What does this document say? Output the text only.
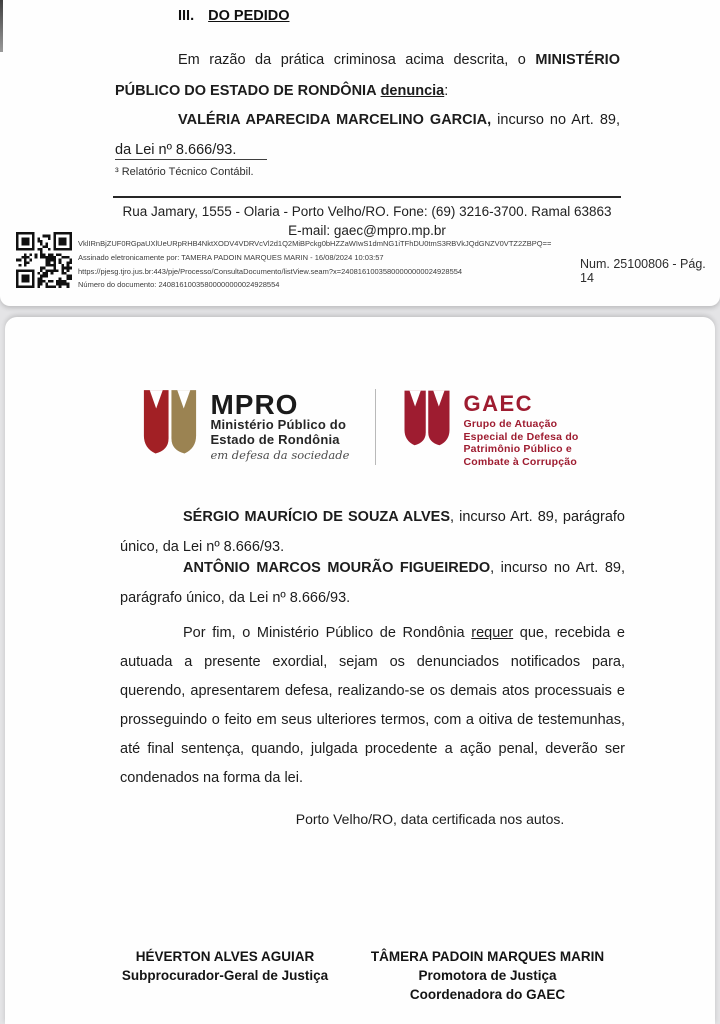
III. DO PEDIDO

Em razão da prática criminosa acima descrita, o MINISTÉRIO PÚBLICO DO ESTADO DE RONDÔNIA denuncia:

VALÉRIA APARECIDA MARCELINO GARCIA, incurso no Art. 89, da Lei nº 8.666/93.

³ Relatório Técnico Contábil.
Rua Jamary, 1555 - Olaria - Porto Velho/RO. Fone: (69) 3216-3700. Ramal 63863
E-mail: gaec@mpro.mp.br
VklIRnBjZUF0RGpaUXlUeURpRHB4NktXODV4VDRVcVl2d1Q2MiBPckg0bHZZaWIwS1dmNG1iTFhDU0tmS3RBVkJQdGNZV0VTZ2ZBPQ==
Assinado eletronicamente por: TAMERA PADOIN MARQUES MARIN - 16/08/2024 10:03:57
https://pjesg.tjro.jus.br:443/pje/Processo/ConsultaDocumento/listView.seam?x=24081610035800000000024928554
Número do documento: 24081610035800000000024928554
Num. 25100806 - Pág. 14
MPRO
Ministério Público do
Estado de Rondônia
em defesa da sociedade
GAEC
Grupo de Atuação
Especial de Defesa do
Patrimônio Público e
Combate à Corrupção

SÉRGIO MAURÍCIO DE SOUZA ALVES, incurso Art. 89, parágrafo único, da Lei nº 8.666/93.

ANTÔNIO MARCOS MOURÃO FIGUEIREDO, incurso no Art. 89, parágrafo único, da Lei nº 8.666/93.

Por fim, o Ministério Público de Rondônia requer que, recebida e autuada a presente exordial, sejam os denunciados notificados para, querendo, apresentarem defesa, realizando-se os demais atos processuais e prosseguindo o feito em seus ulteriores termos, com a oitiva de testemunhas, até final sentença, quando, julgada procedente a ação penal, deverão ser condenados na forma da lei.

Porto Velho/RO, data certificada nos autos.
HÉVERTON ALVES AGUIAR
Subprocurador-Geral de Justiça
TÂMERA PADOIN MARQUES MARIN
Promotora de Justiça
Coordenadora do GAEC
